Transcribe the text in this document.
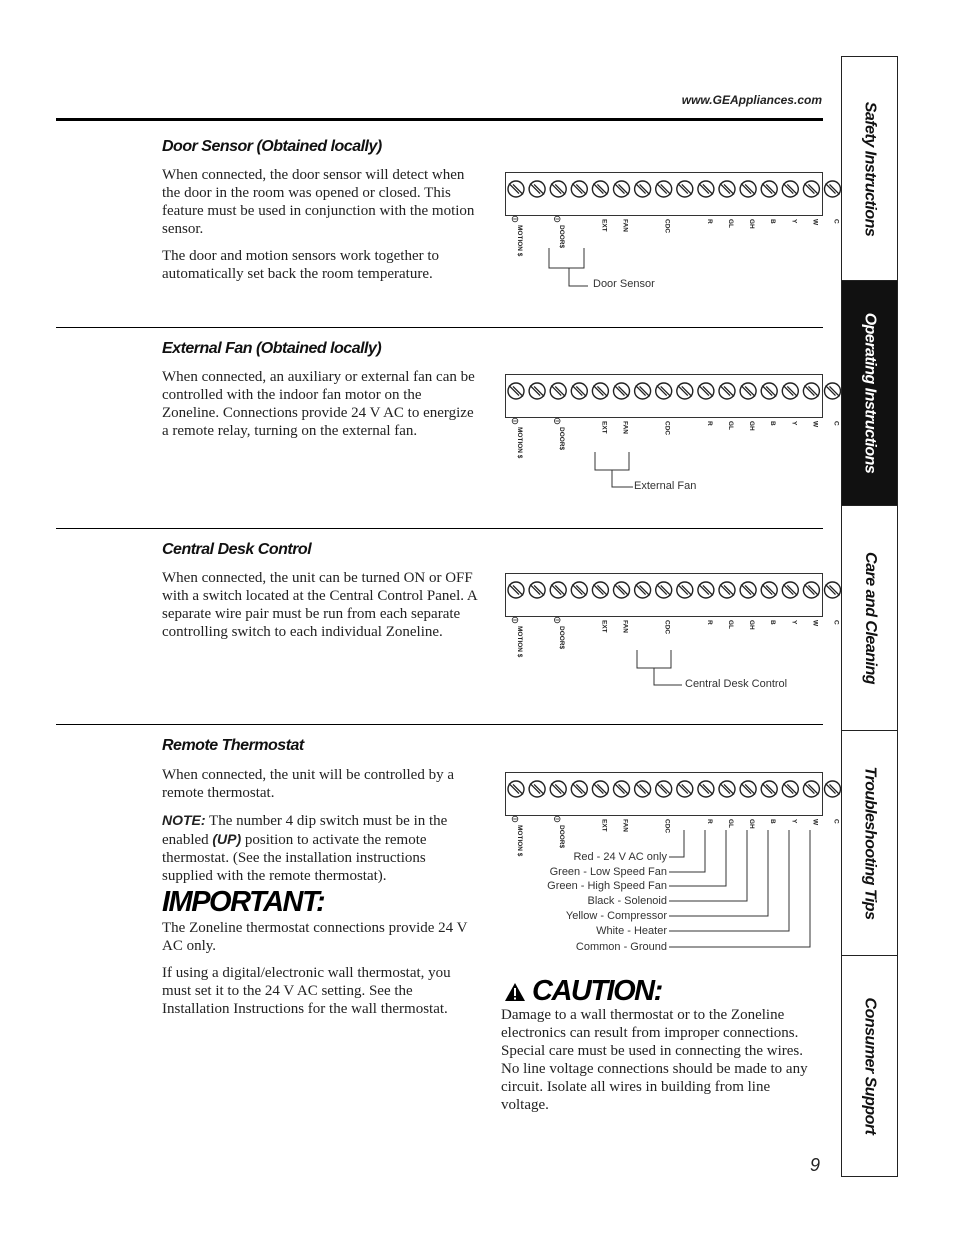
www.GEAppliances.com
Safety Instructions
Operating Instructions
Care and Cleaning
Troubleshooting Tips
Consumer Support
Door Sensor (Obtained locally)
When connected, the door sensor will detect when the door in the room was opened or closed. This feature must be used in conjunction with the motion sensor.
The door and motion sensors work together to automatically set back the room temperature.
MOTION $	DOOR$	EXT FAN	CDC	R GL GH B Y W C
Door Sensor
External Fan (Obtained locally)
When connected, an auxiliary or external fan can be controlled with the indoor fan motor on the Zoneline. Connections provide 24 V AC to energize a remote relay, turning on the external fan.	MOTION $	DOOR$	EXT FAN	CDC	R GL GH B Y W C
External Fan
Central Desk Control
When connected, the unit can be turned ON or OFF with a switch located at the Central Control Panel. A separate wire pair must be run from each separate controlling switch to each individual Zoneline.	MOTION $	DOOR$	EXT FAN	CDC	R GL GH B Y W C
Central Desk Control
Remote Thermostat
When connected, the unit will be controlled by a remote thermostat.
NOTE: The number 4 dip switch must be in the enabled (UP) position to activate the remote thermostat. (See the installation instructions supplied with the remote thermostat).
MOTION $	DOOR$	EXT FAN	CDC	R GL GH B Y W C
Red - 24 V AC only
Green - Low Speed Fan
Green - High Speed Fan
Black - Solenoid
Yellow - Compressor
White - Heater
Common - Ground
IMPORTANT:
The Zoneline thermostat connections provide 24 V AC only.
If using a digital/electronic wall thermostat, you must set it to the 24 V AC setting. See the Installation Instructions for the wall thermostat.
CAUTION:
Damage to a wall thermostat or to the Zoneline electronics can result from improper connections. Special care must be used in connecting the wires. No line voltage connections should be made to any circuit. Isolate all wires in building from line voltage.
9
